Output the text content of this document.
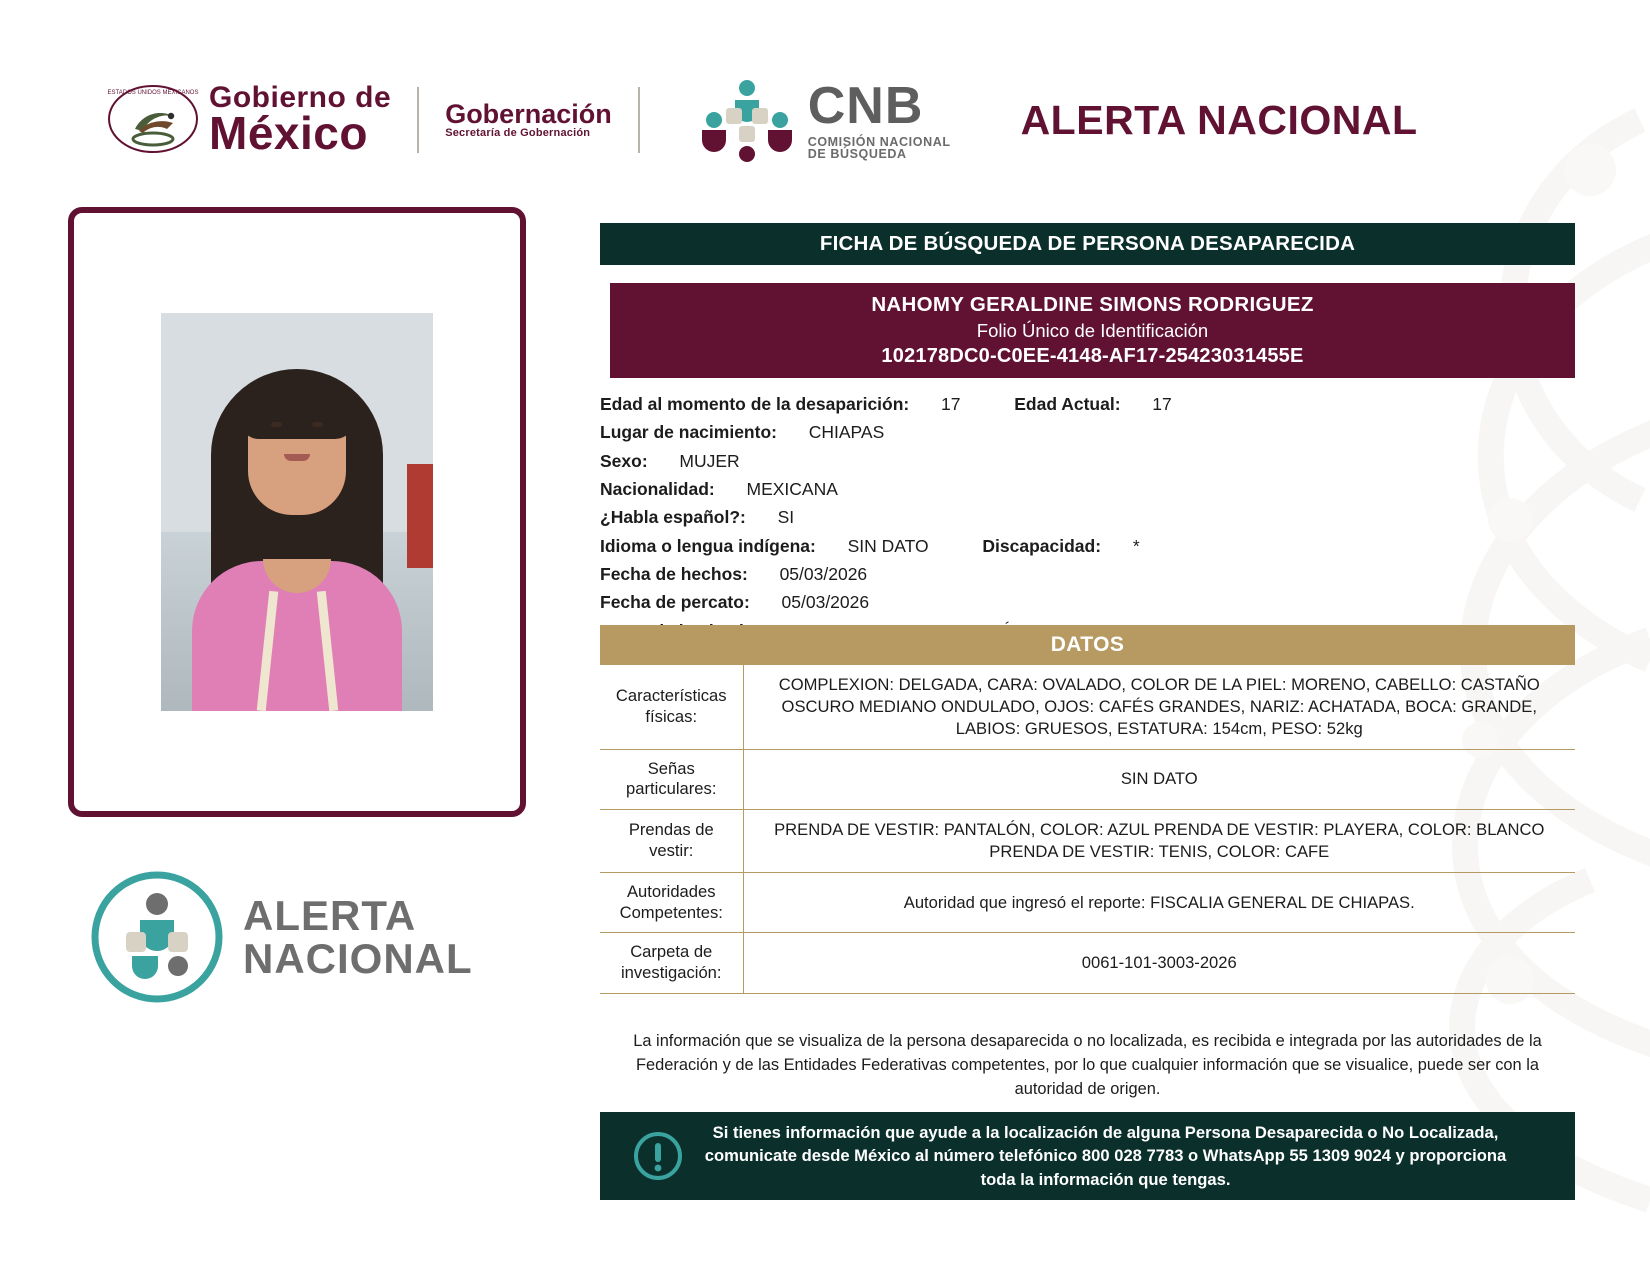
ESTADOS UNIDOS MEXICANOS Gobierno de
México	Gobernación
Secretaría de Gobernación	CNB
COMISIÓN NACIONAL
DE BÚSQUEDA
ALERTA NACIONAL
ALERTA
NACIONAL
FICHA DE BÚSQUEDA DE PERSONA DESAPARECIDA
NAHOMY GERALDINE SIMONS RODRIGUEZ
Folio Único de Identificación
102178DC0-C0EE-4148-AF17-25423031455E
Edad al momento de la desaparición: 17	Edad Actual: 17
Lugar de nacimiento: CHIAPAS
Sexo: MUJER
Nacionalidad: MEXICANA
¿Habla español?: SI
Idioma o lengua indígena: SIN DATO	Discapacidad: *
Fecha de hechos: 05/03/2026
Fecha de percato: 05/03/2026
DATOS
Características físicas:	COMPLEXION: DELGADA, CARA: OVALADO, COLOR DE LA PIEL: MORENO, CABELLO: CASTAÑO OSCURO MEDIANO ONDULADO, OJOS: CAFÉS GRANDES, NARIZ: ACHATADA, BOCA: GRANDE, LABIOS: GRUESOS, ESTATURA: 154cm, PESO: 52kg
Señas particulares:	SIN DATO
Prendas de vestir:	PRENDA DE VESTIR: PANTALÓN, COLOR: AZUL PRENDA DE VESTIR: PLAYERA, COLOR: BLANCO PRENDA DE VESTIR: TENIS, COLOR: CAFE
Autoridades Competentes:	Autoridad que ingresó el reporte: FISCALIA GENERAL DE CHIAPAS.
Carpeta de investigación:	0061-101-3003-2026
La información que se visualiza de la persona desaparecida o no localizada, es recibida e integrada por las autoridades de la Federación y de las Entidades Federativas competentes, por lo que cualquier información que se visualice, puede ser con la autoridad de origen.
Si tienes información que ayude a la localización de alguna Persona Desaparecida o No Localizada, comunicate desde México al número telefónico 800 028 7783 o WhatsApp 55 1309 9024 y proporciona toda la información que tengas.
